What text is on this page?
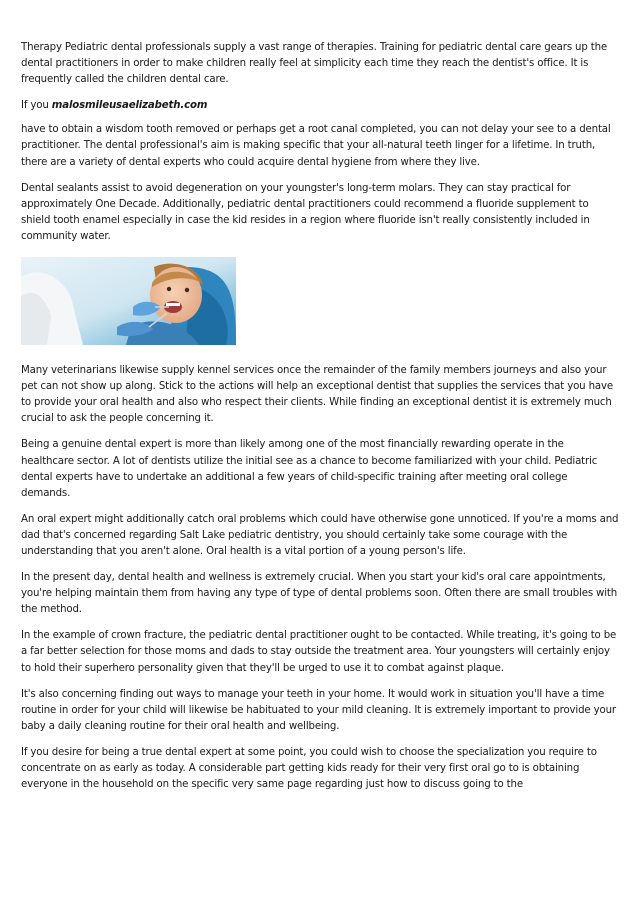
Therapy Pediatric dental professionals supply a vast range of therapies. Training for pediatric dental care gears up the dental practitioners in order to make children really feel at simplicity each time they reach the dentist's office. It is frequently called the children dental care.

If you malosmileusaelizabeth.com

have to obtain a wisdom tooth removed or perhaps get a root canal completed, you can not delay your see to a dental practitioner. The dental professional's aim is making specific that your all-natural teeth linger for a lifetime. In truth, there are a variety of dental experts who could acquire dental hygiene from where they live.

Dental sealants assist to avoid degeneration on your youngster's long-term molars. They can stay practical for approximately One Decade. Additionally, pediatric dental practitioners could recommend a fluoride supplement to shield tooth enamel especially in case the kid resides in a region where fluoride isn't really consistently included in community water.

Many veterinarians likewise supply kennel services once the remainder of the family members journeys and also your pet can not show up along. Stick to the actions will help an exceptional dentist that supplies the services that you have to provide your oral health and also who respect their clients. While finding an exceptional dentist it is extremely much crucial to ask the people concerning it.

Being a genuine dental expert is more than likely among one of the most financially rewarding operate in the healthcare sector. A lot of dentists utilize the initial see as a chance to become familiarized with your child. Pediatric dental experts have to undertake an additional a few years of child-specific training after meeting oral college demands.

An oral expert might additionally catch oral problems which could have otherwise gone unnoticed. If you're a moms and dad that's concerned regarding Salt Lake pediatric dentistry, you should certainly take some courage with the understanding that you aren't alone. Oral health is a vital portion of a young person's life.

In the present day, dental health and wellness is extremely crucial. When you start your kid's oral care appointments, you're helping maintain them from having any type of type of dental problems soon. Often there are small troubles with the method.

In the example of crown fracture, the pediatric dental practitioner ought to be contacted. While treating, it's going to be a far better selection for those moms and dads to stay outside the treatment area. Your youngsters will certainly enjoy to hold their superhero personality given that they'll be urged to use it to combat against plaque.

It's also concerning finding out ways to manage your teeth in your home. It would work in situation you'll have a time routine in order for your child will likewise be habituated to your mild cleaning. It is extremely important to provide your baby a daily cleaning routine for their oral health and wellbeing.

If you desire for being a true dental expert at some point, you could wish to choose the specialization you require to concentrate on as early as today. A considerable part getting kids ready for their very first oral go to is obtaining everyone in the household on the specific very same page regarding just how to discuss going to the
